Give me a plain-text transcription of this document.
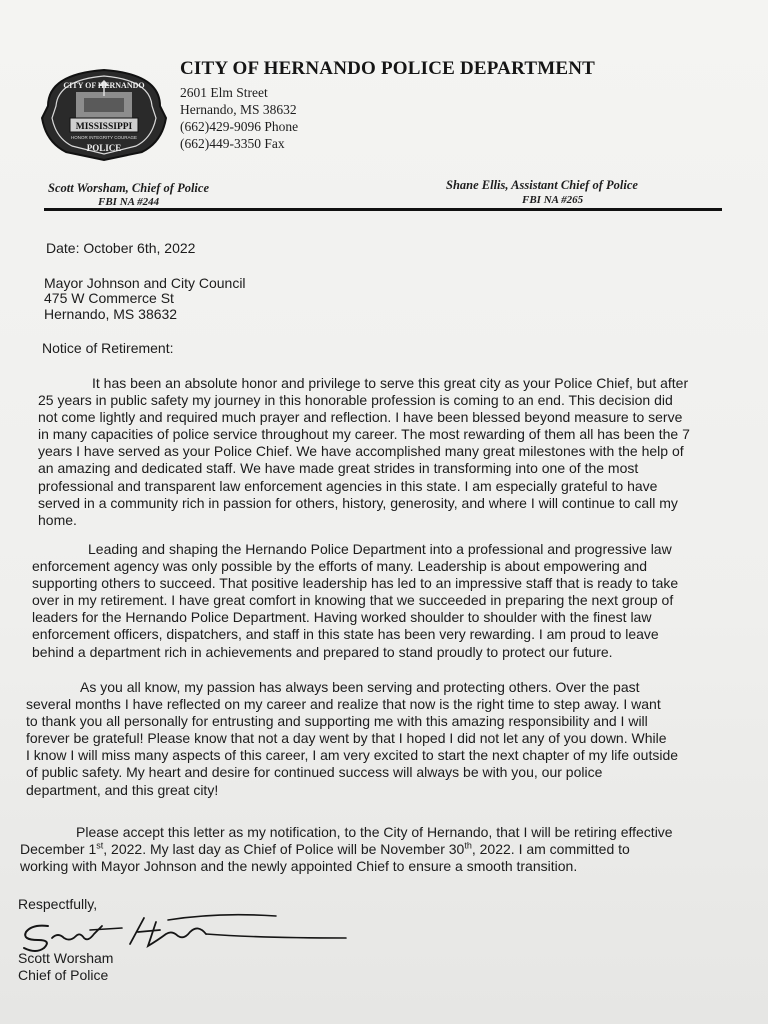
CITY OF HERNANDO
MISSISSIPPI
HONOR INTEGRITY COURAGE
POLICE
CITY OF HERNANDO POLICE DEPARTMENT
2601 Elm Street
Hernando, MS 38632
(662)429-9096 Phone
(662)449-3350 Fax
Scott Worsham, Chief of Police
FBI NA #244
Shane Ellis, Assistant Chief of Police
FBI NA #265
Date: October 6th, 2022
Mayor Johnson and City Council
475 W Commerce St
Hernando, MS 38632
Notice of Retirement:
It has been an absolute honor and privilege to serve this great city as your Police Chief, but after
25 years in public safety my journey in this honorable profession is coming to an end. This decision did
not come lightly and required much prayer and reflection. I have been blessed beyond measure to serve
in many capacities of police service throughout my career. The most rewarding of them all has been the 7
years I have served as your Police Chief. We have accomplished many great milestones with the help of
an amazing and dedicated staff. We have made great strides in transforming into one of the most
professional and transparent law enforcement agencies in this state. I am especially grateful to have
served in a community rich in passion for others, history, generosity, and where I will continue to call my
home.
Leading and shaping the Hernando Police Department into a professional and progressive law
enforcement agency was only possible by the efforts of many. Leadership is about empowering and
supporting others to succeed. That positive leadership has led to an impressive staff that is ready to take
over in my retirement. I have great comfort in knowing that we succeeded in preparing the next group of
leaders for the Hernando Police Department. Having worked shoulder to shoulder with the finest law
enforcement officers, dispatchers, and staff in this state has been very rewarding. I am proud to leave
behind a department rich in achievements and prepared to stand proudly to protect our future.
As you all know, my passion has always been serving and protecting others. Over the past
several months I have reflected on my career and realize that now is the right time to step away. I want
to thank you all personally for entrusting and supporting me with this amazing responsibility and I will
forever be grateful! Please know that not a day went by that I hoped I did not let any of you down. While
I know I will miss many aspects of this career, I am very excited to start the next chapter of my life outside
of public safety. My heart and desire for continued success will always be with you, our police
department, and this great city!
Please accept this letter as my notification, to the City of Hernando, that I will be retiring effective
December 1st, 2022. My last day as Chief of Police will be November 30th, 2022. I am committed to
working with Mayor Johnson and the newly appointed Chief to ensure a smooth transition.
Respectfully,
Scott Worsham
Chief of Police
